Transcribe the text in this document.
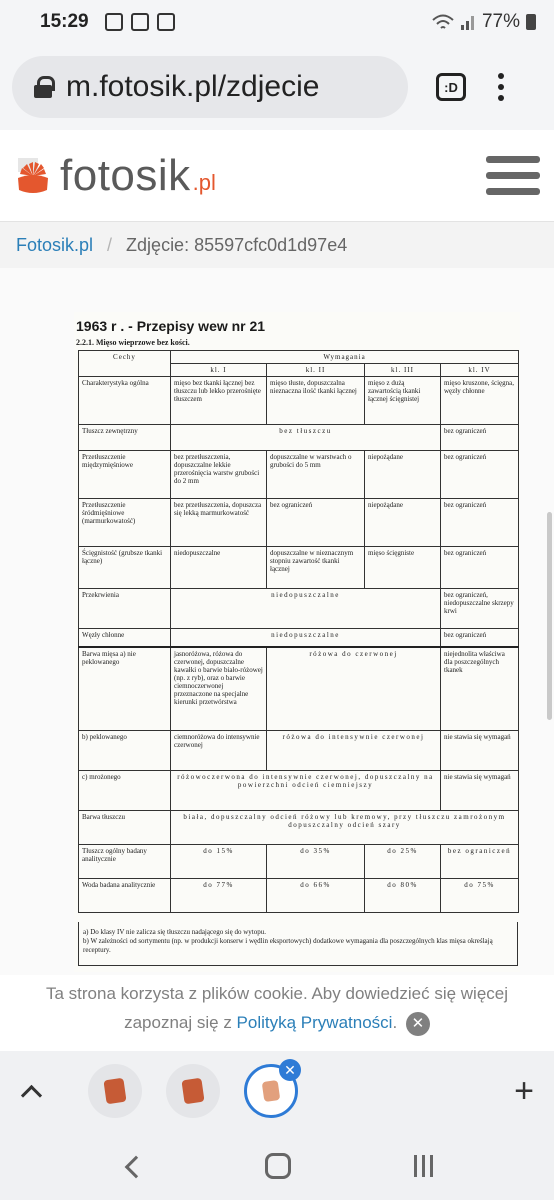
15:29	77%
m.fotosik.pl/zdjecie	:D
fotosik .pl
Fotosik.pl / Zdjęcie: 85597cfc0d1d97e4
1963 r . - Przepisy wew nr 21
2.2.1. Mięso wieprzowe bez kości.
Cechy	Wymagania			
	kl. I	kl. II	kl. III	kl. IV
Charakterystyka ogólna	mięso bez tkanki łącznej bez tłuszczu lub lekko przerośnięte tłuszczem	mięso tłuste, dopuszczalna nieznaczna ilość tkanki łącznej	mięso z dużą zawartością tkanki łącznej ścięgnistej	mięso kruszone, ścięgna, węzły chłonne
Tłuszcz zewnętrzny	bez tłuszczu			bez ograniczeń
Przetłuszczenie międzymięśniowe	bez przetłuszczenia, dopuszczalne lekkie przerośnięcia warstw grubości do 2 mm	dopuszczalne w warstwach o grubości do 5 mm	niepożądane	bez ograniczeń
Przetłuszczenie śródmięśniowe (marmurkowatość)	bez przetłuszczenia, dopuszcza się lekką marmurkowatość	bez ograniczeń	niepożądane	bez ograniczeń
Ścięgnistość (grubsze tkanki łączne)	niedopuszczalne	dopuszczalne w nieznacznym stopniu zawartość tkanki łącznej	mięso ścięgniste	bez ograniczeń
Przekrwienia	niedopuszczalne			bez ograniczeń, niedopuszczalne skrzepy krwi
Węzły chłonne	niedopuszczalne			bez ograniczeń
Barwa mięsa a) nie peklowanego	jasnoróżowa, różowa do czerwonej, dopuszczalne kawałki o barwie biało-różowej (np. z ryb), oraz o barwie ciemnoczerwonej przeznaczone na specjalne kierunki przetwórstwa	różowa do czerwonej		niejednolita właściwa dla poszczególnych tkanek
b) peklowanego	ciemnoróżowa do intensywnie czerwonej	różowa do intensywnie czerwonej		nie stawia się wymagań
c) mrożonego	różowoczerwona do intensywnie czerwonej, dopuszczalny na powierzchni odcień ciemniejszy			nie stawia się wymagań
Barwa tłuszczu	biała, dopuszczalny odcień różowy lub kremowy, przy tłuszczu zamrożonym dopuszczalny odcień szary			
Tłuszcz ogólny badany analitycznie	do 15%	do 35%	do 25%	bez ograniczeń
Woda badana analitycznie	do 77%	do 66%	do 80%	do 75%
a) Do klasy IV nie zalicza się tłuszczu nadającego się do wytopu.
b) W zależności od sortymentu (np. w produkcji konserw i wędlin eksportowych) dodatkowe wymagania dla poszczególnych klas mięsa określają receptury.
Ta strona korzysta z plików cookie. Aby dowiedzieć się więcej zapoznaj się z Polityką Prywatności. ✕
✕
+
